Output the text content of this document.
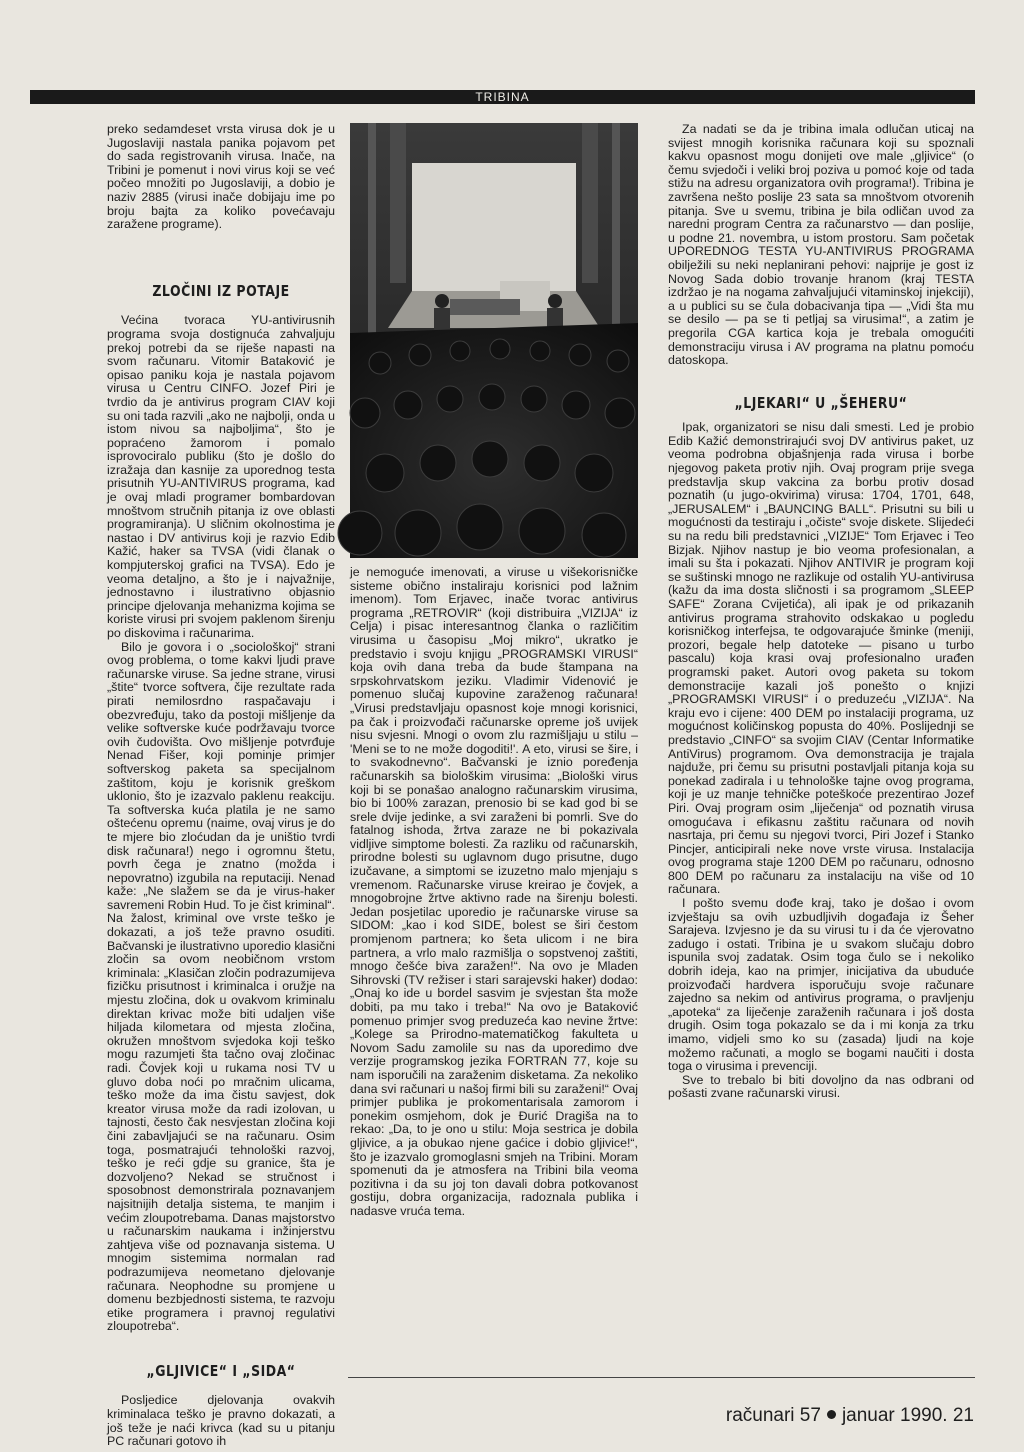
TRIBINA

preko sedamdeset vrsta virusa dok je u Jugoslaviji nastala panika pojavom pet do sada registrovanih virusa. Inače, na Tribini je pomenut i novi virus koji se već počeo množiti po Jugoslaviji, a dobio je naziv 2885 (virusi inače dobijaju ime po broju bajta za koliko povećavaju zaražene programe).

ZLOČINI IZ POTAJE

Većina tvoraca YU-antivirusnih programa svoja dostignuća zahvaljuju prekoj potrebi da se riješe napasti na svom računaru. Vitomir Bataković je opisao paniku koja je nastala pojavom virusa u Centru CINFO. Jozef Piri je tvrdio da je antivirus program CIAV koji su oni tada razvili „ako ne najbolji, onda u istom nivou sa najboljima“, što je popraćeno žamorom i pomalo isprovociralo publiku (što je došlo do izražaja dan kasnije za uporednog testa prisutnih YU-ANTIVIRUS programa, kad je ovaj mladi programer bombardovan mnoštvom stručnih pitanja iz ove oblasti programiranja). U sličnim okolnostima je nastao i DV antivirus koji je razvio Edib Kažić, haker sa TVSA (vidi članak o kompjuterskoj grafici na TVSA). Edo je veoma detaljno, a što je i najvažnije, jednostavno i ilustrativno objasnio principe djelovanja mehanizma kojima se koriste virusi pri svojem paklenom širenju po diskovima i računarima.

Bilo je govora i o „sociološkoj“ strani ovog problema, o tome kakvi ljudi prave računarske viruse. Sa jedne strane, virusi „štite“ tvorce softvera, čije rezultate rada pirati nemilosrdno raspačavaju i obezvređuju, tako da postoji mišljenje da velike softverske kuće podržavaju tvorce ovih čudovišta. Ovo mišljenje potvrđuje Nenad Fišer, koji pominje primjer softverskog paketa sa specijalnom zaštitom, koju je korisnik greškom uklonio, što je izazvalo paklenu reakciju. Ta softverska kuća platila je ne samo oštećenu opremu (naime, ovaj virus je do te mjere bio zloćudan da je uništio tvrdi disk računara!) nego i ogromnu štetu, povrh čega je znatno (možda i nepovratno) izgubila na reputaciji. Nenad kaže: „Ne slažem se da je virus-haker savremeni Robin Hud. To je čist kriminal“. Na žalost, kriminal ove vrste teško je dokazati, a još teže pravno osuditi. Bačvanski je ilustrativno uporedio klasični zločin sa ovom neobičnom vrstom kriminala: „Klasičan zločin podrazumijeva fizičku prisutnost i kriminalca i oružje na mjestu zločina, dok u ovakvom kriminalu direktan krivac može biti udaljen više hiljada kilometara od mjesta zločina, okružen mnoštvom svjedoka koji teško mogu razumjeti šta tačno ovaj zločinac radi. Čovjek koji u rukama nosi TV u gluvo doba noći po mračnim ulicama, teško može da ima čistu savjest, dok kreator virusa može da radi izolovan, u tajnosti, često čak nesvjestan zločina koji čini zabavljajući se na računaru. Osim toga, posmatrajući tehnološki razvoj, teško je reći gdje su granice, šta je dozvoljeno? Nekad se stručnost i sposobnost demonstrirala poznavanjem najsitnijih detalja sistema, te manjim i većim zloupotrebama. Danas majstorstvo u računarskim naukama i inžinjerstvu zahtjeva više od poznavanja sistema. U mnogim sistemima normalan rad podrazumijeva neometano djelovanje računara. Neophodne su promjene u domenu bezbjednosti sistema, te razvoju etike programera i pravnoj regulativi zloupotreba“.

„GLJIVICE“ I „SIDA“

Posljedice djelovanja ovakvih kriminalaca teško je pravno dokazati, a još teže je naći krivca (kad su u pitanju PC računari gotovo ih

je nemoguće imenovati, a viruse u višekorisničke sisteme obično instaliraju korisnici pod lažnim imenom). Tom Erjavec, inače tvorac antivirus programa „RETROVIR“ (koji distribuira „VIZIJA“ iz Celja) i pisac interesantnog članka o različitim virusima u časopisu „Moj mikro“, ukratko je predstavio i svoju knjigu „PROGRAMSKI VIRUSI“ koja ovih dana treba da bude štampana na srpskohrvatskom jeziku. Vladimir Videnović je pomenuo slučaj kupovine zaraženog računara! „Virusi predstavljaju opasnost koje mnogi korisnici, pa čak i proizvođači računarske opreme još uvijek nisu svjesni. Mnogi o ovom zlu razmišljaju u stilu – 'Meni se to ne može dogoditi!'. A eto, virusi se šire, i to svakodnevno“. Bačvanski je iznio poređenja računarskih sa biološkim virusima: „Biološki virus koji bi se ponašao analogno računarskim virusima, bio bi 100% zarazan, prenosio bi se kad god bi se srele dvije jedinke, a svi zaraženi bi pomrli. Sve do fatalnog ishoda, žrtva zaraze ne bi pokazivala vidljive simptome bolesti. Za razliku od računarskih, prirodne bolesti su uglavnom dugo prisutne, dugo izučavane, a simptomi se izuzetno malo mjenjaju s vremenom. Računarske viruse kreirao je čovjek, a mnogobrojne žrtve aktivno rade na širenju bolesti. Jedan posjetilac uporedio je računarske viruse sa SIDOM: „kao i kod SIDE, bolest se širi čestom promjenom partnera; ko šeta ulicom i ne bira partnera, a vrlo malo razmišlja o sopstvenoj zaštiti, mnogo češće biva zaražen!“. Na ovo je Mladen Sihrovski (TV režiser i stari sarajevski haker) dodao: „Onaj ko ide u bordel sasvim je svjestan šta može dobiti, pa mu tako i treba!“ Na ovo je Bataković pomenuo primjer svog preduzeća kao nevine žrtve: „Kolege sa Prirodno-matematičkog fakulteta u Novom Sadu zamolile su nas da uporedimo dve verzije programskog jezika FORTRAN 77, koje su nam isporučili na zaraženim disketama. Za nekoliko dana svi računari u našoj firmi bili su zaraženi!“ Ovaj primjer publika je prokomentarisala zamorom i ponekim osmjehom, dok je Đurić Dragiša na to rekao: „Da, to je ono u stilu: Moja sestrica je dobila gljivice, a ja obukao njene gaćice i dobio gljivice!“, što je izazvalo gromoglasni smjeh na Tribini. Moram spomenuti da je atmosfera na Tribini bila veoma pozitivna i da su joj ton davali dobra potkovanost gostiju, dobra organizacija, radoznala publika i nadasve vruća tema.

Za nadati se da je tribina imala odlučan uticaj na svijest mnogih korisnika računara koji su spoznali kakvu opasnost mogu donijeti ove male „gljivice“ (o čemu svjedoči i veliki broj poziva u pomoć koje od tada stižu na adresu organizatora ovih programa!). Tribina je završena nešto poslije 23 sata sa mnoštvom otvorenih pitanja. Sve u svemu, tribina je bila odličan uvod za naredni program Centra za računarstvo — dan poslije, u podne 21. novembra, u istom prostoru. Sam početak UPOREDNOG TESTA YU-ANTIVIRUS PROGRAMA obilježili su neki neplanirani pehovi: najprije je gost iz Novog Sada dobio trovanje hranom (kraj TESTA izdržao je na nogama zahvaljujući vitaminskoj injekciji), a u publici su se čula dobacivanja tipa — „Vidi šta mu se desilo — pa se ti petljaj sa virusima!“, a zatim je pregorila CGA kartica koja je trebala omogućiti demonstraciju virusa i AV programa na platnu pomoću datoskopa.

„LJEKARI“ U „ŠEHERU“

Ipak, organizatori se nisu dali smesti. Led je probio Edib Kažić demonstrirajući svoj DV antivirus paket, uz veoma podrobna objašnjenja rada virusa i borbe njegovog paketa protiv njih. Ovaj program prije svega predstavlja skup vakcina za borbu protiv dosad poznatih (u jugo-okvirima) virusa: 1704, 1701, 648, „JERUSALEM“ i „BAUNCING BALL“. Prisutni su bili u mogućnosti da testiraju i „očiste“ svoje diskete. Slijedeći su na redu bili predstavnici „VIZIJE“ Tom Erjavec i Teo Bizjak. Njihov nastup je bio veoma profesionalan, a imali su šta i pokazati. Njihov ANTIVIR je program koji se suštinski mnogo ne razlikuje od ostalih YU-antivirusa (kažu da ima dosta sličnosti i sa programom „SLEEP SAFE“ Zorana Cvijetića), ali ipak je od prikazanih antivirus programa strahovito odskakao u pogledu korisničkog interfejsa, te odgovarajuće šminke (meniji, prozori, begale help datoteke — pisano u turbo pascalu) koja krasi ovaj profesionalno urađen programski paket. Autori ovog paketa su tokom demonstracije kazali još ponešto o knjizi „PROGRAMSKI VIRUSI“ i o preduzeću „VIZIJA“. Na kraju evo i cijene: 400 DEM po instalaciji programa, uz mogućnost količinskog popusta do 40%. Poslijednji se predstavio „CINFO“ sa svojim CIAV (Centar Informatike AntiVirus) programom. Ova demonstracija je trajala najduže, pri čemu su prisutni postavljali pitanja koja su ponekad zadirala i u tehnološke tajne ovog programa, koji je uz manje tehničke poteškoće prezentirao Jozef Piri. Ovaj program osim „liječenja“ od poznatih virusa omogućava i efikasnu zaštitu računara od novih nasrtaja, pri čemu su njegovi tvorci, Piri Jozef i Stanko Pincjer, anticipirali neke nove vrste virusa. Instalacija ovog programa staje 1200 DEM po računaru, odnosno 800 DEM po računaru za instalaciju na više od 10 računara.

I pošto svemu dođe kraj, tako je došao i ovom izvještaju sa ovih uzbudljivih događaja iz Šeher Sarajeva. Izvjesno je da su virusi tu i da će vjerovatno zadugo i ostati. Tribina je u svakom slučaju dobro ispunila svoj zadatak. Osim toga čulo se i nekoliko dobrih ideja, kao na primjer, inicijativa da ubuduće proizvođači hardvera isporučuju svoje računare zajedno sa nekim od antivirus programa, o pravljenju „apoteka“ za liječenje zaraženih računara i još dosta drugih. Osim toga pokazalo se da i mi konja za trku imamo, vidjeli smo ko su (zasada) ljudi na koje možemo računati, a moglo se bogami naučiti i dosta toga o virusima i prevenciji.

Sve to trebalo bi biti dovoljno da nas odbrani od pošasti zvane računarski virusi.

računari 57 januar 1990. 21
